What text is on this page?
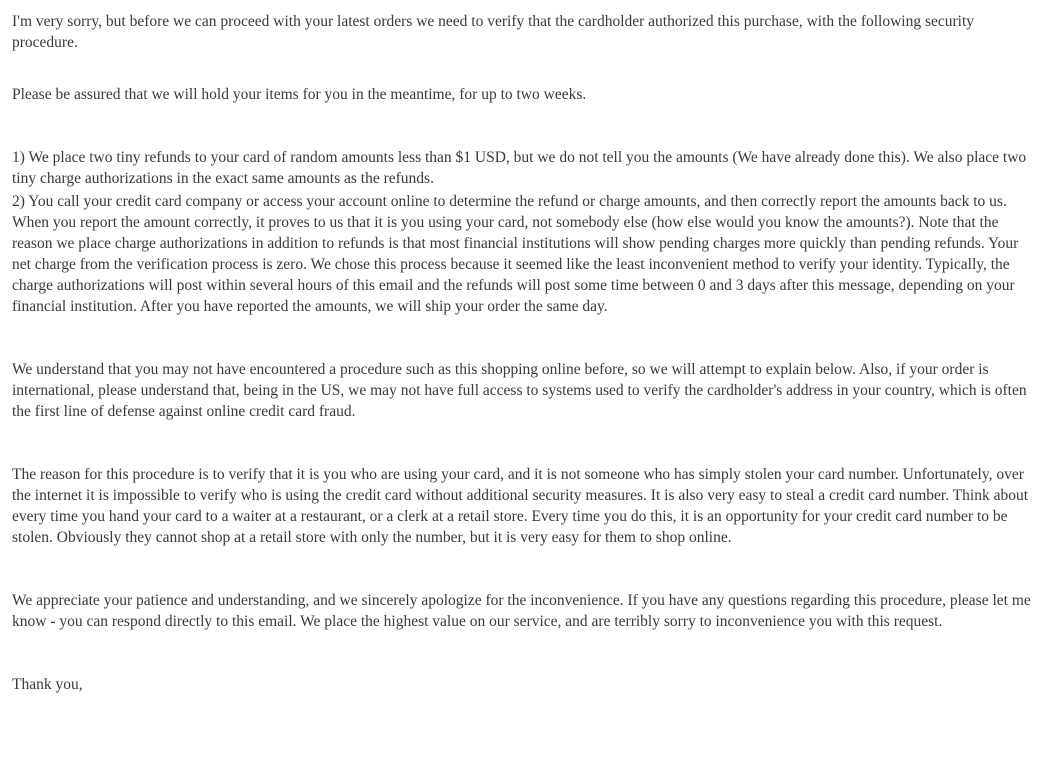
I'm very sorry, but before we can proceed with your latest orders we need to verify that the cardholder authorized this purchase, with the following security procedure.

Please be assured that we will hold your items for you in the meantime, for up to two weeks.

1) We place two tiny refunds to your card of random amounts less than $1 USD, but we do not tell you the amounts (We have already done this). We also place two tiny charge authorizations in the exact same amounts as the refunds.

2) You call your credit card company or access your account online to determine the refund or charge amounts, and then correctly report the amounts back to us. When you report the amount correctly, it proves to us that it is you using your card, not somebody else (how else would you know the amounts?). Note that the reason we place charge authorizations in addition to refunds is that most financial institutions will show pending charges more quickly than pending refunds. Your net charge from the verification process is zero. We chose this process because it seemed like the least inconvenient method to verify your identity. Typically, the charge authorizations will post within several hours of this email and the refunds will post some time between 0 and 3 days after this message, depending on your financial institution. After you have reported the amounts, we will ship your order the same day.

We understand that you may not have encountered a procedure such as this shopping online before, so we will attempt to explain below. Also, if your order is international, please understand that, being in the US, we may not have full access to systems used to verify the cardholder's address in your country, which is often the first line of defense against online credit card fraud.

The reason for this procedure is to verify that it is you who are using your card, and it is not someone who has simply stolen your card number. Unfortunately, over the internet it is impossible to verify who is using the credit card without additional security measures. It is also very easy to steal a credit card number. Think about every time you hand your card to a waiter at a restaurant, or a clerk at a retail store. Every time you do this, it is an opportunity for your credit card number to be stolen. Obviously they cannot shop at a retail store with only the number, but it is very easy for them to shop online.

We appreciate your patience and understanding, and we sincerely apologize for the inconvenience. If you have any questions regarding this procedure, please let me know - you can respond directly to this email. We place the highest value on our service, and are terribly sorry to inconvenience you with this request.

Thank you,
